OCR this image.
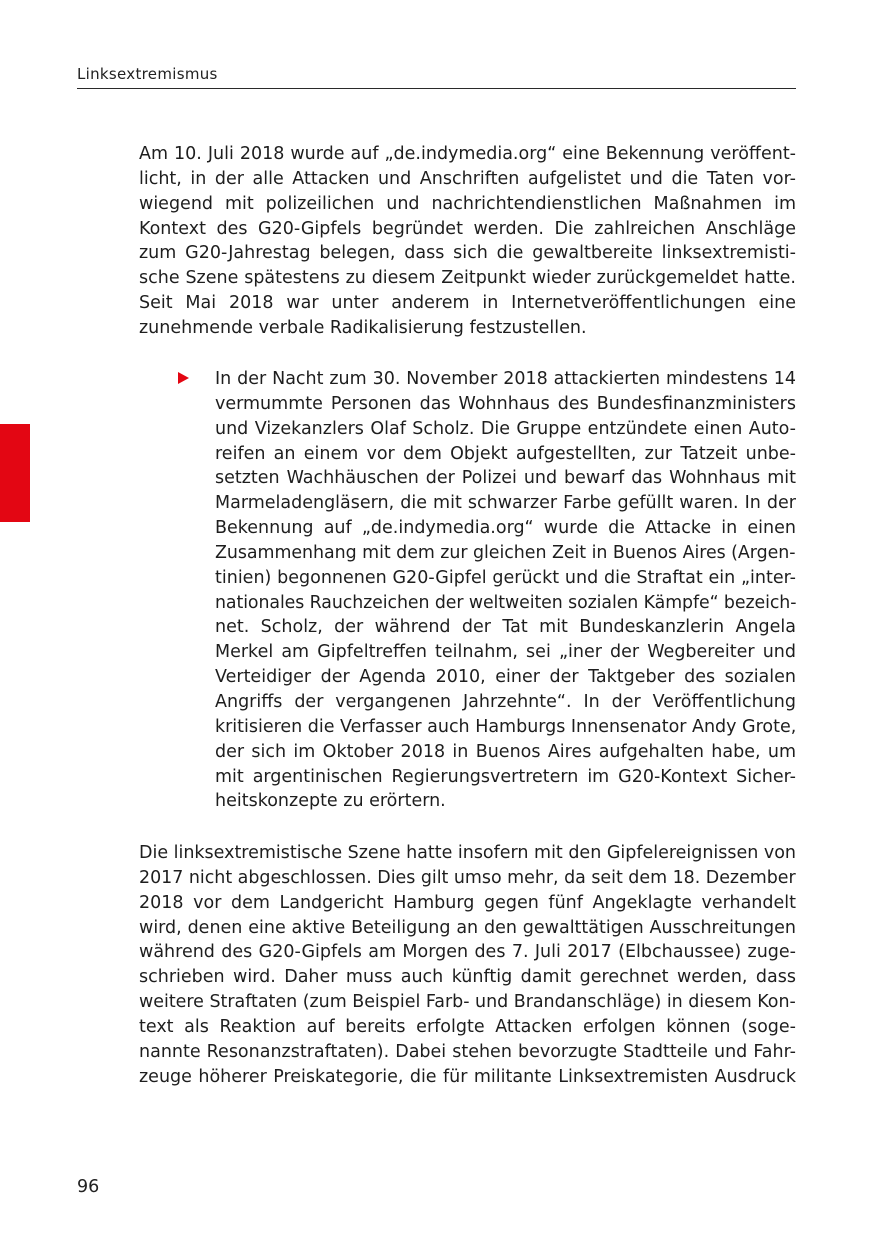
Linksextremismus
Am 10. Juli 2018 wurde auf „de.indymedia.org“ eine Bekennung veröffent-
licht, in der alle Attacken und Anschriften aufgelistet und die Taten vor-
wiegend mit polizeilichen und nachrichtendienstlichen Maßnahmen im
Kontext des G20-Gipfels begründet werden. Die zahlreichen Anschläge
zum G20-Jahrestag belegen, dass sich die gewaltbereite linksextremisti-
sche Szene spätestens zu diesem Zeitpunkt wieder zurückgemeldet hatte.
Seit Mai 2018 war unter anderem in Internetveröffentlichungen eine
zunehmende verbale Radikalisierung festzustellen.
In der Nacht zum 30. November 2018 attackierten mindestens 14
vermummte Personen das Wohnhaus des Bundesfinanzministers
und Vizekanzlers Olaf Scholz. Die Gruppe entzündete einen Auto-
reifen an einem vor dem Objekt aufgestellten, zur Tatzeit unbe-
setzten Wachhäuschen der Polizei und bewarf das Wohnhaus mit
Marmeladengläsern, die mit schwarzer Farbe gefüllt waren. In der
Bekennung auf „de.indymedia.org“ wurde die Attacke in einen
Zusammenhang mit dem zur gleichen Zeit in Buenos Aires (Argen-
tinien) begonnenen G20-Gipfel gerückt und die Straftat ein „inter-
nationales Rauchzeichen der weltweiten sozialen Kämpfe“ bezeich-
net. Scholz, der während der Tat mit Bundeskanzlerin Angela
Merkel am Gipfeltreffen teilnahm, sei „iner der Wegbereiter und
Verteidiger der Agenda 2010, einer der Taktgeber des sozialen
Angriffs der vergangenen Jahrzehnte“. In der Veröffentlichung
kritisieren die Verfasser auch Hamburgs Innensenator Andy Grote,
der sich im Oktober 2018 in Buenos Aires aufgehalten habe, um
mit argentinischen Regierungsvertretern im G20-Kontext Sicher-
heitskonzepte zu erörtern.
Die linksextremistische Szene hatte insofern mit den Gipfelereignissen von
2017 nicht abgeschlossen. Dies gilt umso mehr, da seit dem 18. Dezember
2018 vor dem Landgericht Hamburg gegen fünf Angeklagte verhandelt
wird, denen eine aktive Beteiligung an den gewalttätigen Ausschreitungen
während des G20-Gipfels am Morgen des 7. Juli 2017 (Elbchaussee) zuge-
schrieben wird. Daher muss auch künftig damit gerechnet werden, dass
weitere Straftaten (zum Beispiel Farb- und Brandanschläge) in diesem Kon-
text als Reaktion auf bereits erfolgte Attacken erfolgen können (soge-
nannte Resonanzstraftaten). Dabei stehen bevorzugte Stadtteile und Fahr-
zeuge höherer Preiskategorie, die für militante Linksextremisten Ausdruck
96
